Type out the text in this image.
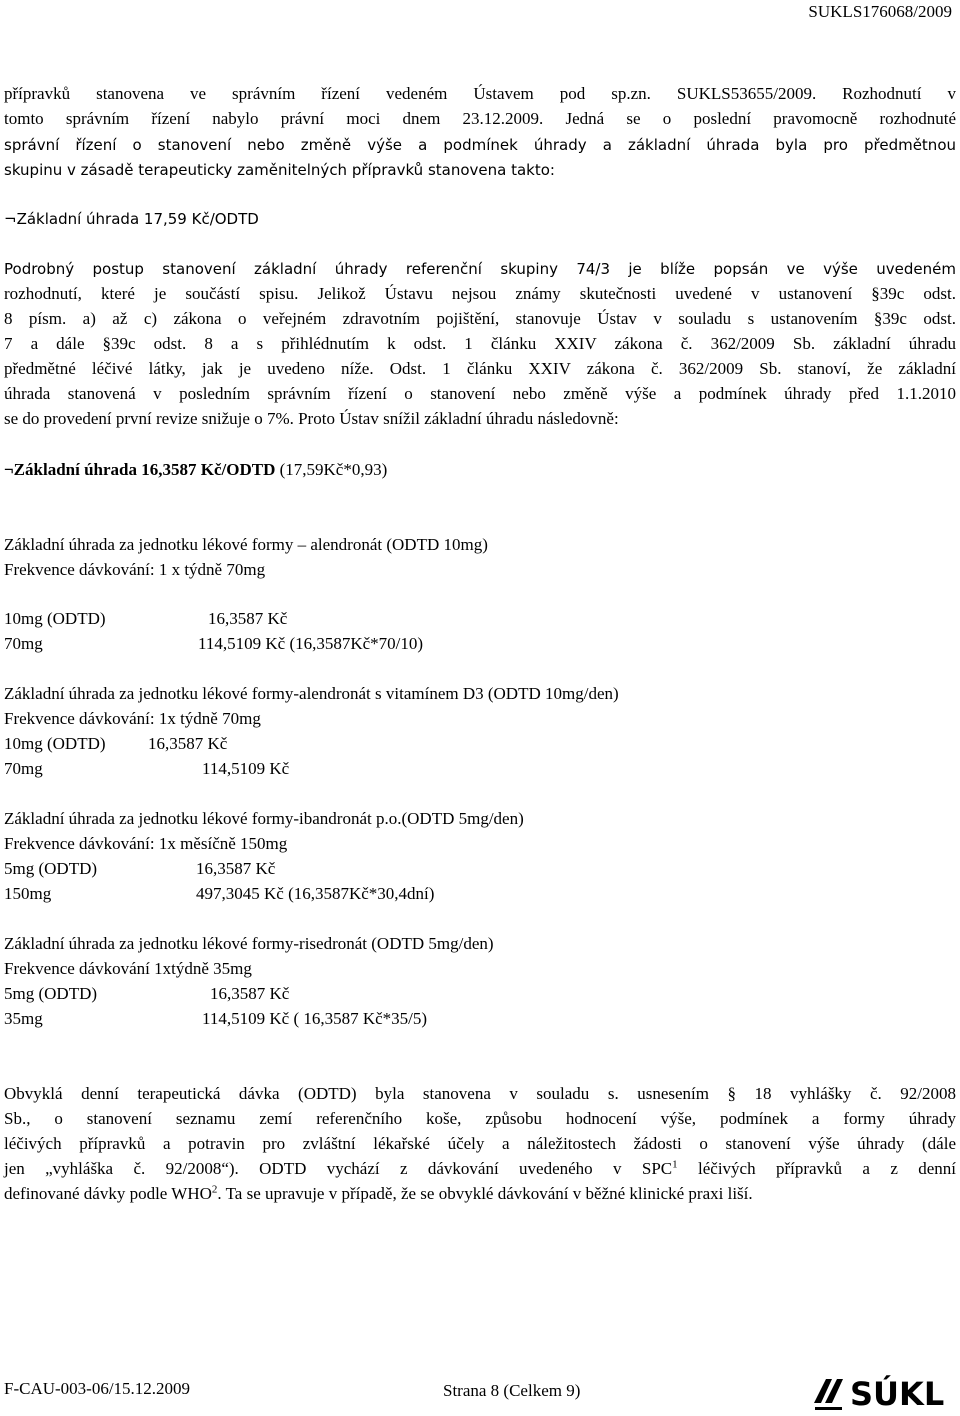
SUKLS176068/2009
přípravků stanovena ve správním řízení vedeném Ústavem pod sp.zn. SUKLS53655/2009. Rozhodnutí v
tomto správním řízení nabylo právní moci dnem 23.12.2009. Jedná se o poslední pravomocně rozhodnuté
správní řízení o stanovení nebo změně výše a podmínek úhrady a základní úhrada byla pro předmětnou
skupinu v zásadě terapeuticky zaměnitelných přípravků stanovena takto:
¬Základní úhrada 17,59 Kč/ODTD
Podrobný postup stanovení základní úhrady referenční skupiny 74/3 je blíže popsán ve výše uvedeném
rozhodnutí, které je součástí spisu. Jelikož Ústavu nejsou známy skutečnosti uvedené v ustanovení §39c odst.
8 písm. a) až c) zákona o veřejném zdravotním pojištění, stanovuje Ústav v souladu s ustanovením §39c odst.
7 a dále §39c odst. 8 a s přihlédnutím k odst. 1 článku XXIV zákona č. 362/2009 Sb. základní úhradu
předmětné léčivé látky, jak je uvedeno níže. Odst. 1 článku XXIV zákona č. 362/2009 Sb. stanoví, že základní
úhrada stanovená v posledním správním řízení o stanovení nebo změně výše a podmínek úhrady před 1.1.2010
se do provedení první revize snižuje o 7%. Proto Ústav snížil základní úhradu následovně:
¬Základní úhrada 16,3587 Kč/ODTD (17,59Kč*0,93)
Základní úhrada za jednotku lékové formy – alendronát (ODTD 10mg)
Frekvence dávkování: 1 x týdně 70mg
10mg (ODTD)	16,3587 Kč
70mg	114,5109 Kč (16,3587Kč*70/10)
Základní úhrada za jednotku lékové formy-alendronát s vitamínem D3 (ODTD 10mg/den)
Frekvence dávkování: 1x týdně 70mg
10mg (ODTD) 16,3587 Kč
70mg	114,5109 Kč
Základní úhrada za jednotku lékové formy-ibandronát p.o.(ODTD 5mg/den)
Frekvence dávkování: 1x měsíčně 150mg
5mg (ODTD)	16,3587 Kč
150mg	497,3045 Kč (16,3587Kč*30,4dní)
Základní úhrada za jednotku lékové formy-risedronát (ODTD 5mg/den)
Frekvence dávkování 1xtýdně 35mg
5mg (ODTD)	16,3587 Kč
35mg	114,5109 Kč ( 16,3587 Kč*35/5)
Obvyklá denní terapeutická dávka (ODTD) byla stanovena v souladu s. usnesením § 18 vyhlášky č. 92/2008
Sb., o stanovení seznamu zemí referenčního koše, způsobu hodnocení výše, podmínek a formy úhrady
léčivých přípravků a potravin pro zvláštní lékařské účely a náležitostech žádosti o stanovení výše úhrady (dále
jen „vyhláška č. 92/2008“). ODTD vychází z dávkování uvedeného v SPC$^1$ léčivých přípravků a z denní
definované dávky podle WHO$^2$. Ta se upravuje v případě, že se obvyklé dávkování v běžné klinické praxi liší.
F-CAU-003-06/15.12.2009	Strana 8 (Celkem 9)	SÚKL
